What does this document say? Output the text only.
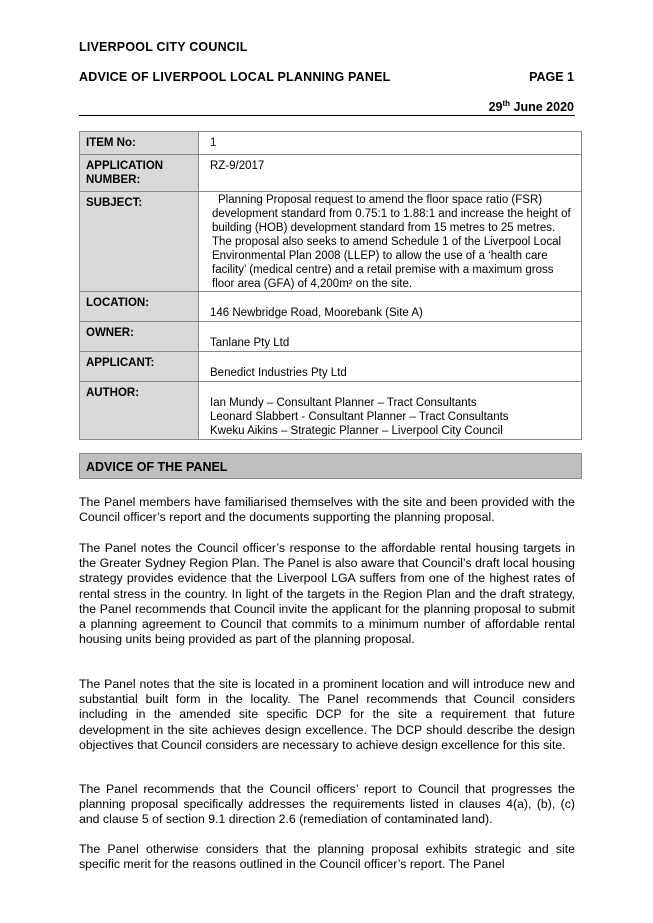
LIVERPOOL CITY COUNCIL
ADVICE OF LIVERPOOL LOCAL PLANNING PANEL	PAGE 1
29th June 2020
ITEM No:	1
APPLICATION NUMBER:	RZ-9/2017
SUBJECT:	Planning Proposal request to amend the floor space ratio (FSR) development standard from 0.75:1 to 1.88:1 and increase the height of building (HOB) development standard from 15 metres to 25 metres. The proposal also seeks to amend Schedule 1 of the Liverpool Local Environmental Plan 2008 (LLEP) to allow the use of a ‘health care facility’ (medical centre) and a retail premise with a maximum gross floor area (GFA) of 4,200m² on the site.

LOCATION:	146 Newbridge Road, Moorebank (Site A)
OWNER:	Tanlane Pty Ltd
APPLICANT:	Benedict Industries Pty Ltd
AUTHOR:	Ian Mundy – Consultant Planner – Tract Consultants
Leonard Slabbert - Consultant Planner – Tract Consultants
Kweku Aikins – Strategic Planner – Liverpool City Council
ADVICE OF THE PANEL
The Panel members have familiarised themselves with the site and been provided with the Council officer’s report and the documents supporting the planning proposal.
The Panel notes the Council officer’s response to the affordable rental housing targets in the Greater Sydney Region Plan. The Panel is also aware that Council’s draft local housing strategy provides evidence that the Liverpool LGA suffers from one of the highest rates of rental stress in the country. In light of the targets in the Region Plan and the draft strategy, the Panel recommends that Council invite the applicant for the planning proposal to submit a planning agreement to Council that commits to a minimum number of affordable rental housing units being provided as part of the planning proposal.
The Panel notes that the site is located in a prominent location and will introduce new and substantial built form in the locality. The Panel recommends that Council considers including in the amended site specific DCP for the site a requirement that future development in the site achieves design excellence. The DCP should describe the design objectives that Council considers are necessary to achieve design excellence for this site.
The Panel recommends that the Council officers’ report to Council that progresses the planning proposal specifically addresses the requirements listed in clauses 4(a), (b), (c) and clause 5 of section 9.1 direction 2.6 (remediation of contaminated land).
The Panel otherwise considers that the planning proposal exhibits strategic and site specific merit for the reasons outlined in the Council officer’s report. The Panel
